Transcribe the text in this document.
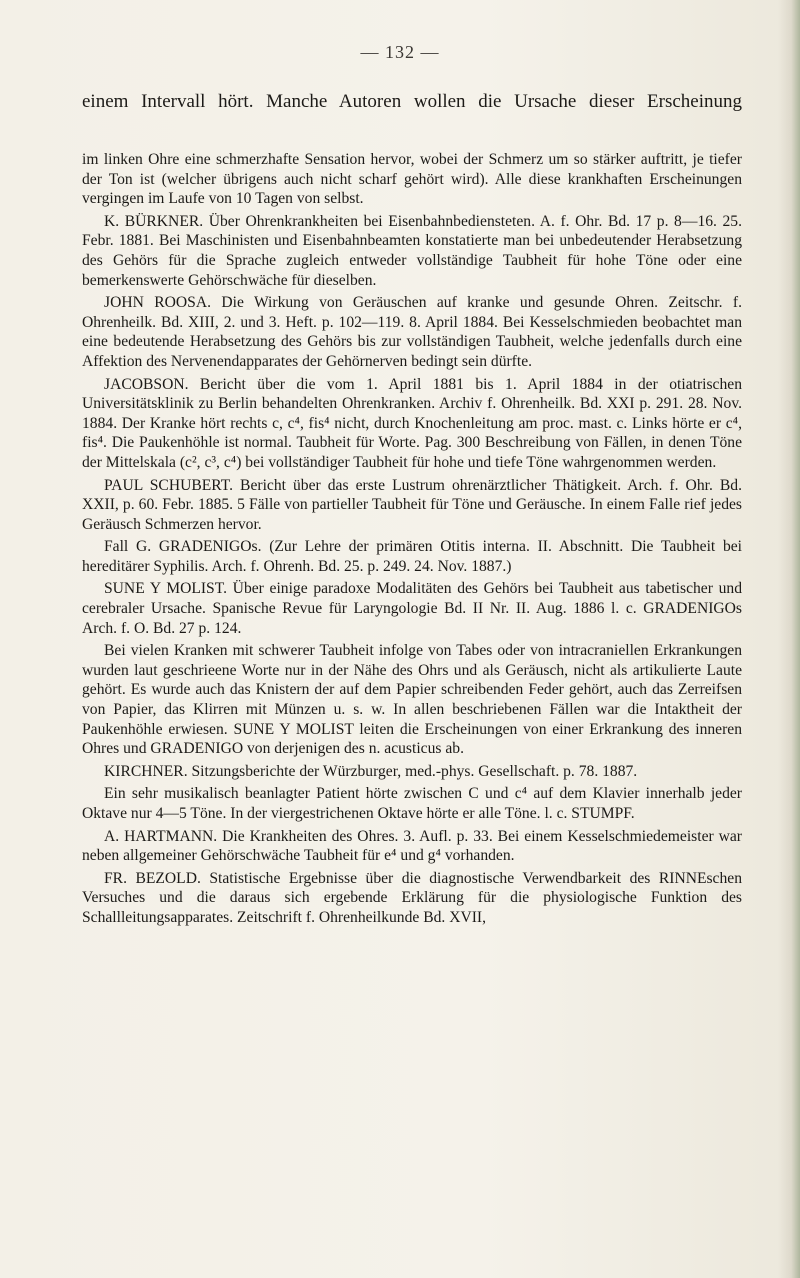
— 132 —
einem Intervall hört. Manche Autoren wollen die Ursache dieser Erscheinung

im linken Ohre eine schmerzhafte Sensation hervor, wobei der Schmerz um so stärker auftritt, je tiefer der Ton ist (welcher übrigens auch nicht scharf gehört wird). Alle diese krankhaften Erscheinungen vergingen im Laufe von 10 Tagen von selbst.

K. BÜRKNER. Über Ohrenkrankheiten bei Eisenbahnbediensteten. A. f. Ohr. Bd. 17 p. 8—16. 25. Febr. 1881. Bei Maschinisten und Eisenbahnbeamten konstatierte man bei unbedeutender Herabsetzung des Gehörs für die Sprache zugleich entweder vollständige Taubheit für hohe Töne oder eine bemerkenswerte Gehörschwäche für dieselben.

JOHN ROOSA. Die Wirkung von Geräuschen auf kranke und gesunde Ohren. Zeitschr. f. Ohrenheilk. Bd. XIII, 2. und 3. Heft. p. 102—119. 8. April 1884. Bei Kesselschmieden beobachtet man eine bedeutende Herabsetzung des Gehörs bis zur vollständigen Taubheit, welche jedenfalls durch eine Affektion des Nervenendapparates der Gehörnerven bedingt sein dürfte.

JACOBSON. Bericht über die vom 1. April 1881 bis 1. April 1884 in der otiatrischen Universitätsklinik zu Berlin behandelten Ohrenkranken. Archiv f. Ohrenheilk. Bd. XXI p. 291. 28. Nov. 1884. Der Kranke hört rechts c, c⁴, fis⁴ nicht, durch Knochenleitung am proc. mast. c. Links hörte er c⁴, fis⁴. Die Paukenhöhle ist normal. Taubheit für Worte. Pag. 300 Beschreibung von Fällen, in denen Töne der Mittelskala (c², c³, c⁴) bei vollständiger Taubheit für hohe und tiefe Töne wahrgenommen werden.

PAUL SCHUBERT. Bericht über das erste Lustrum ohrenärztlicher Thätigkeit. Arch. f. Ohr. Bd. XXII, p. 60. Febr. 1885. 5 Fälle von partieller Taubheit für Töne und Geräusche. In einem Falle rief jedes Geräusch Schmerzen hervor.

Fall G. GRADENIGOs. (Zur Lehre der primären Otitis interna. II. Abschnitt. Die Taubheit bei hereditärer Syphilis. Arch. f. Ohrenh. Bd. 25. p. 249. 24. Nov. 1887.)

SUNE Y MOLIST. Über einige paradoxe Modalitäten des Gehörs bei Taubheit aus tabetischer und cerebraler Ursache. Spanische Revue für Laryngologie Bd. II Nr. II. Aug. 1886 l. c. GRADENIGOs Arch. f. O. Bd. 27 p. 124.

Bei vielen Kranken mit schwerer Taubheit infolge von Tabes oder von intracraniellen Erkrankungen wurden laut geschrieene Worte nur in der Nähe des Ohrs und als Geräusch, nicht als artikulierte Laute gehört. Es wurde auch das Knistern der auf dem Papier schreibenden Feder gehört, auch das Zerreifsen von Papier, das Klirren mit Münzen u. s. w. In allen beschriebenen Fällen war die Intaktheit der Paukenhöhle erwiesen. SUNE Y MOLIST leiten die Erscheinungen von einer Erkrankung des inneren Ohres und GRADENIGO von derjenigen des n. acusticus ab.

KIRCHNER. Sitzungsberichte der Würzburger, med.-phys. Gesellschaft. p. 78. 1887.

Ein sehr musikalisch beanlagter Patient hörte zwischen C und c⁴ auf dem Klavier innerhalb jeder Oktave nur 4—5 Töne. In der viergestrichenen Oktave hörte er alle Töne. l. c. STUMPF.

A. HARTMANN. Die Krankheiten des Ohres. 3. Aufl. p. 33. Bei einem Kesselschmiedemeister war neben allgemeiner Gehörschwäche Taubheit für e⁴ und g⁴ vorhanden.

FR. BEZOLD. Statistische Ergebnisse über die diagnostische Verwendbarkeit des RINNEschen Versuches und die daraus sich ergebende Erklärung für die physiologische Funktion des Schallleitungsapparates. Zeitschrift f. Ohrenheilkunde Bd. XVII,
